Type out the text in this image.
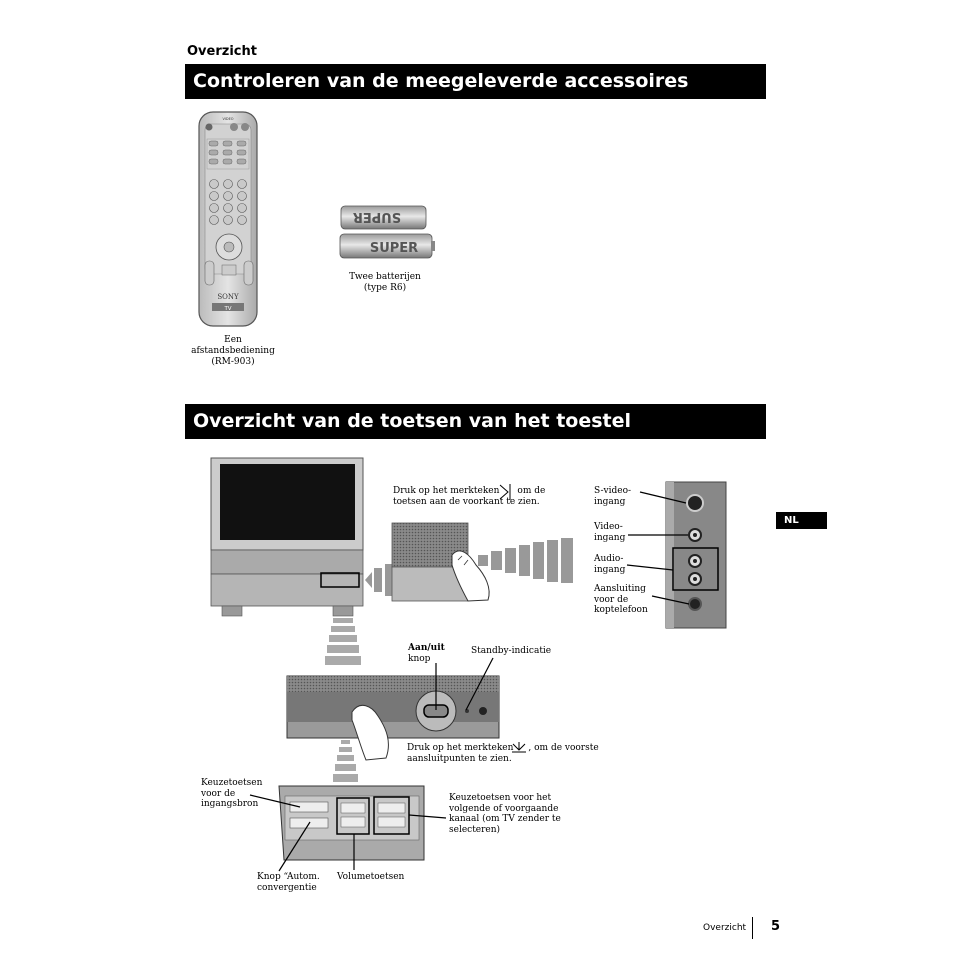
Overzicht
Controleren van de meegeleverde accessoires
Overzicht van de toetsen van het toestel
NL
SONY
TV
VIDEO
SUPER
SUPER
Een
afstandsbediening
(RM-903)
Twee batterijen
(type R6)
Druk op het merkteken om de
toetsen aan de voorkant te zien.
S-video-
ingang
Video-
ingang
Audio-
ingang
Aansluiting
voor de
koptelefoon
Aan/uit
knop
Standby-indicatie
Druk op het merkteken , om de voorste
aansluitpunten te zien.
Keuzetoetsen
voor de
ingangsbron
Keuzetoetsen voor het
volgende of voorgaande
kanaal (om TV zender te
selecteren)
Knop “Autom.
convergentie
Volumetoetsen
Overzicht 5
